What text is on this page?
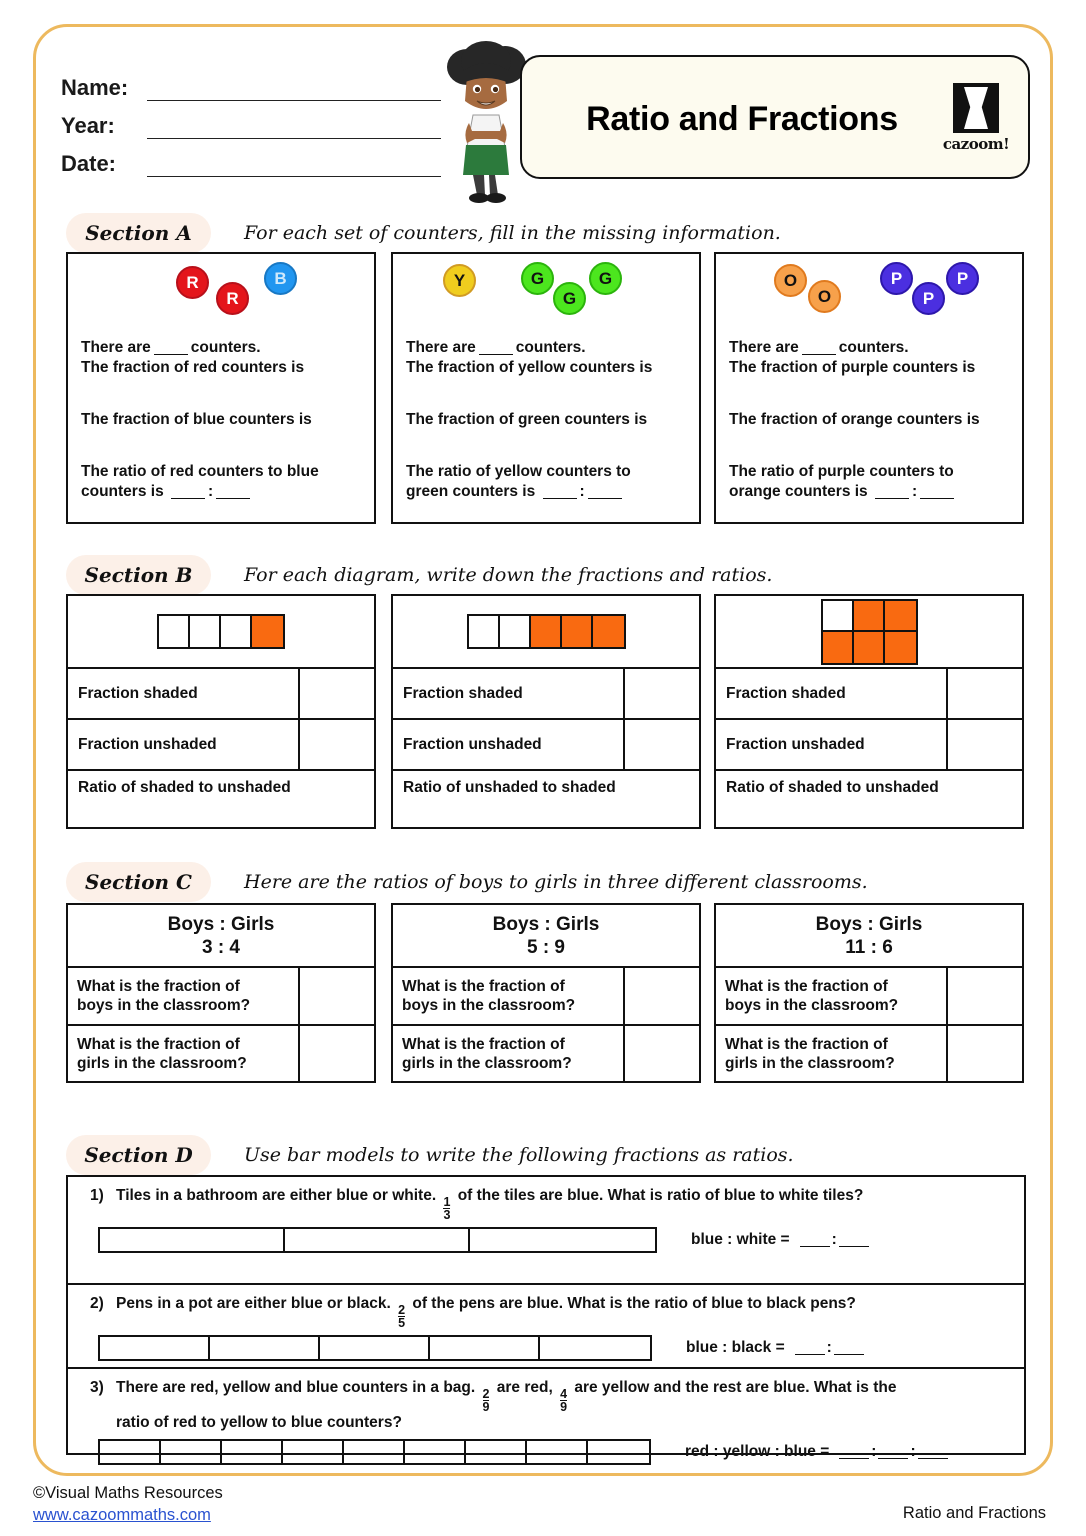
Name:
Year:
Date:
Ratio and Fractions
cazoom!
Section A	For each set of counters, fill in the missing information.
R
R
B
There are	counters.
The fraction of red counters is
The fraction of blue counters is
The ratio of red counters to blue
counters is	:
Y	G
G
G
There are	counters.
The fraction of yellow counters is
The fraction of green counters is
The ratio of yellow counters to
green counters is	:
O
O
P
P
P
There are	counters.
The fraction of purple counters is
The fraction of orange counters is
The ratio of purple counters to
orange counters is	:
Section B	For each diagram, write down the fractions and ratios.
Fraction shaded
Fraction unshaded
Ratio of shaded to unshaded
Fraction shaded
Fraction unshaded
Ratio of unshaded to shaded
Fraction shaded
Fraction unshaded
Ratio of shaded to unshaded
Section C	Here are the ratios of boys to girls in three different classrooms.
Boys : Girls
3 : 4
What is the fraction of
boys in the classroom?
What is the fraction of
girls in the classroom?
Boys : Girls
5 : 9
What is the fraction of
boys in the classroom?
What is the fraction of
girls in the classroom?
Boys : Girls
11 : 6
What is the fraction of
boys in the classroom?
What is the fraction of
girls in the classroom?
Section D	Use bar models to write the following fractions as ratios.
1) Tiles in a bathroom are either blue or white.
$\frac{1}{3}$
of the tiles are blue. What is ratio of blue to white tiles?
blue : white =	:
2) Pens in a pot are either blue or black.
$\frac{2}{5}$
of the pens are blue. What is the ratio of blue to black pens?
blue : black =	:
3) There are red, yellow and blue counters in a bag.
$\frac{2}{9}$
are red,
$\frac{4}{9}$
are yellow and the rest are blue. What is the
ratio of red to yellow to blue counters?
red : yellow : blue =	: :
©Visual Maths Resources
www.cazoommaths.com	Ratio and Fractions
